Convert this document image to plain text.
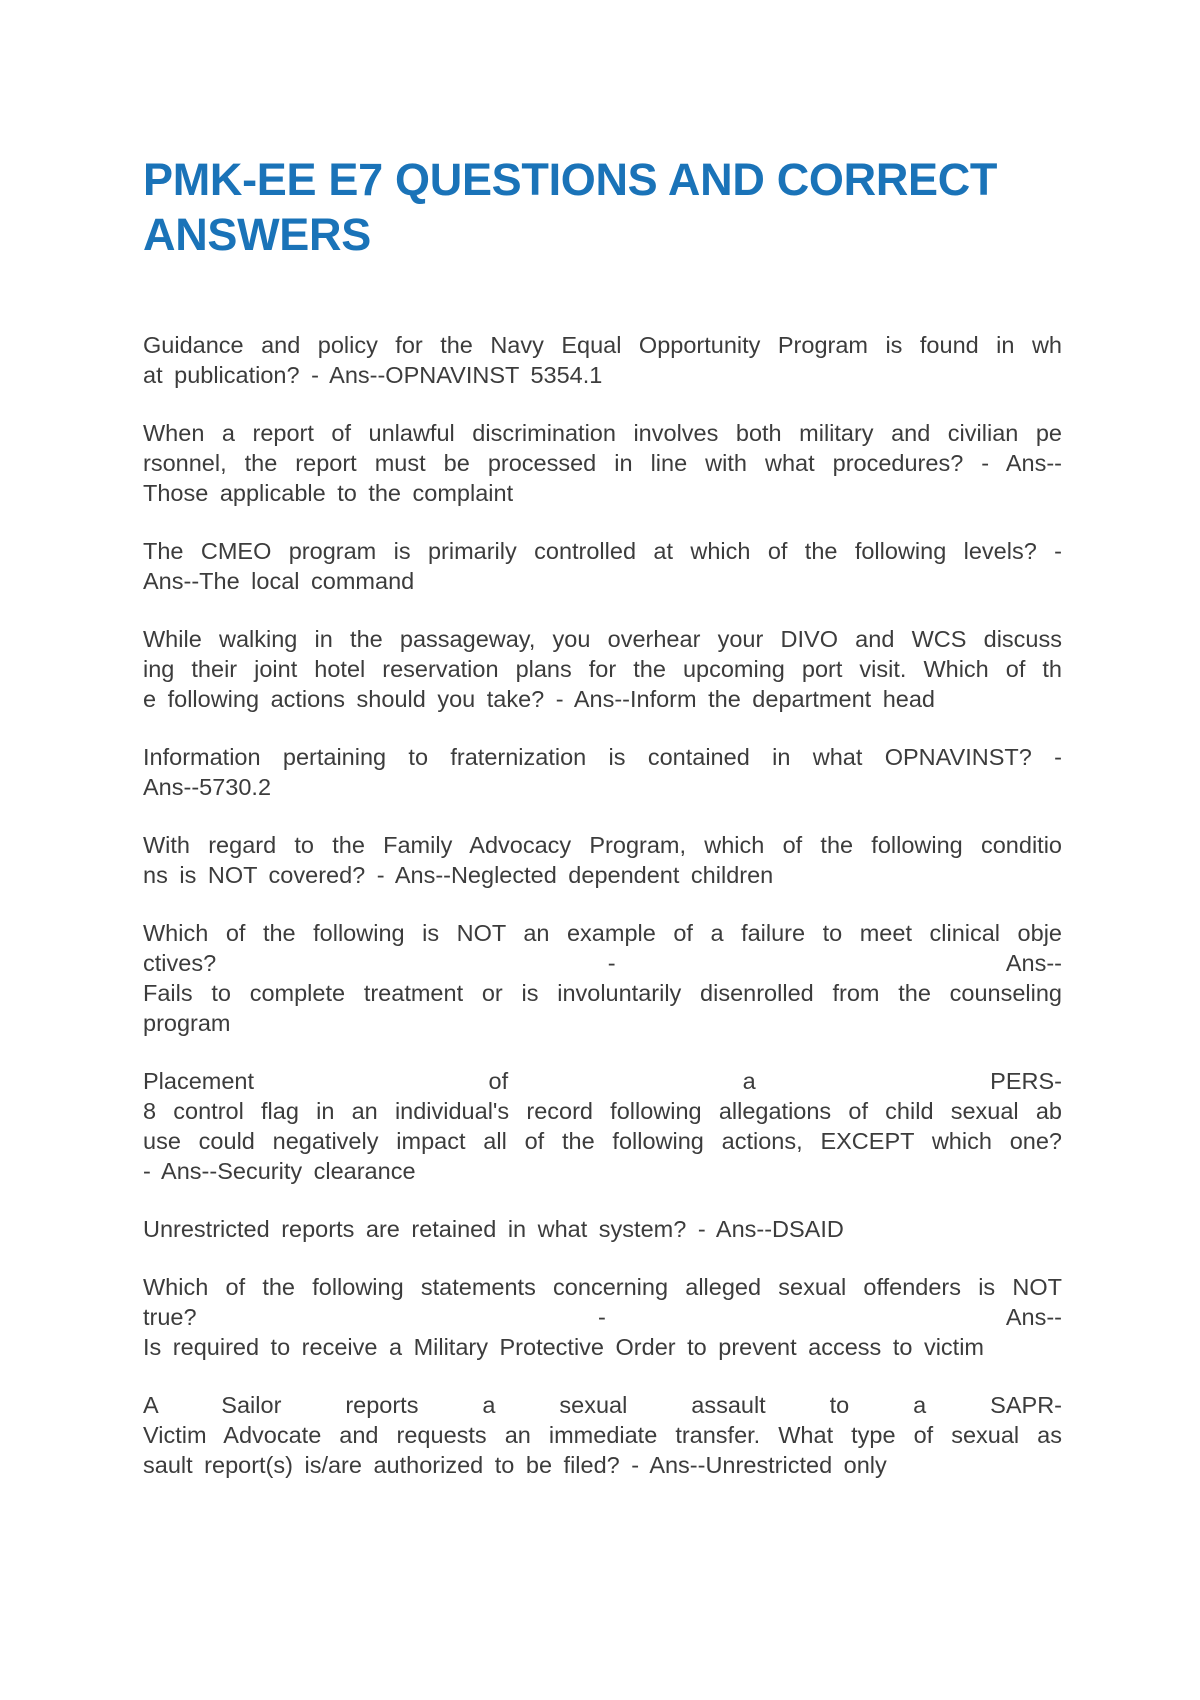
PMK-EE E7 QUESTIONS AND CORRECT
ANSWERS
Guidance and policy for the Navy Equal Opportunity Program is found in wh
at publication? - Ans--OPNAVINST 5354.1
When a report of unlawful discrimination involves both military and civilian pe
rsonnel, the report must be processed in line with what procedures? - Ans--
Those applicable to the complaint
The CMEO program is primarily controlled at which of the following levels? -
Ans--The local command
While walking in the passageway, you overhear your DIVO and WCS discuss
ing their joint hotel reservation plans for the upcoming port visit. Which of th
e following actions should you take? - Ans--Inform the department head
Information pertaining to fraternization is contained in what OPNAVINST? -
Ans--5730.2
With regard to the Family Advocacy Program, which of the following conditio
ns is NOT covered? - Ans--Neglected dependent children
Which of the following is NOT an example of a failure to meet clinical obje
ctives? - Ans--
Fails to complete treatment or is involuntarily disenrolled from the counseling
program
Placement of a PERS-
8 control flag in an individual's record following allegations of child sexual ab
use could negatively impact all of the following actions, EXCEPT which one?
- Ans--Security clearance
Unrestricted reports are retained in what system? - Ans--DSAID
Which of the following statements concerning alleged sexual offenders is NOT
true? - Ans--
Is required to receive a Military Protective Order to prevent access to victim
A Sailor reports a sexual assault to a SAPR-
Victim Advocate and requests an immediate transfer. What type of sexual as
sault report(s) is/are authorized to be filed? - Ans--Unrestricted only
